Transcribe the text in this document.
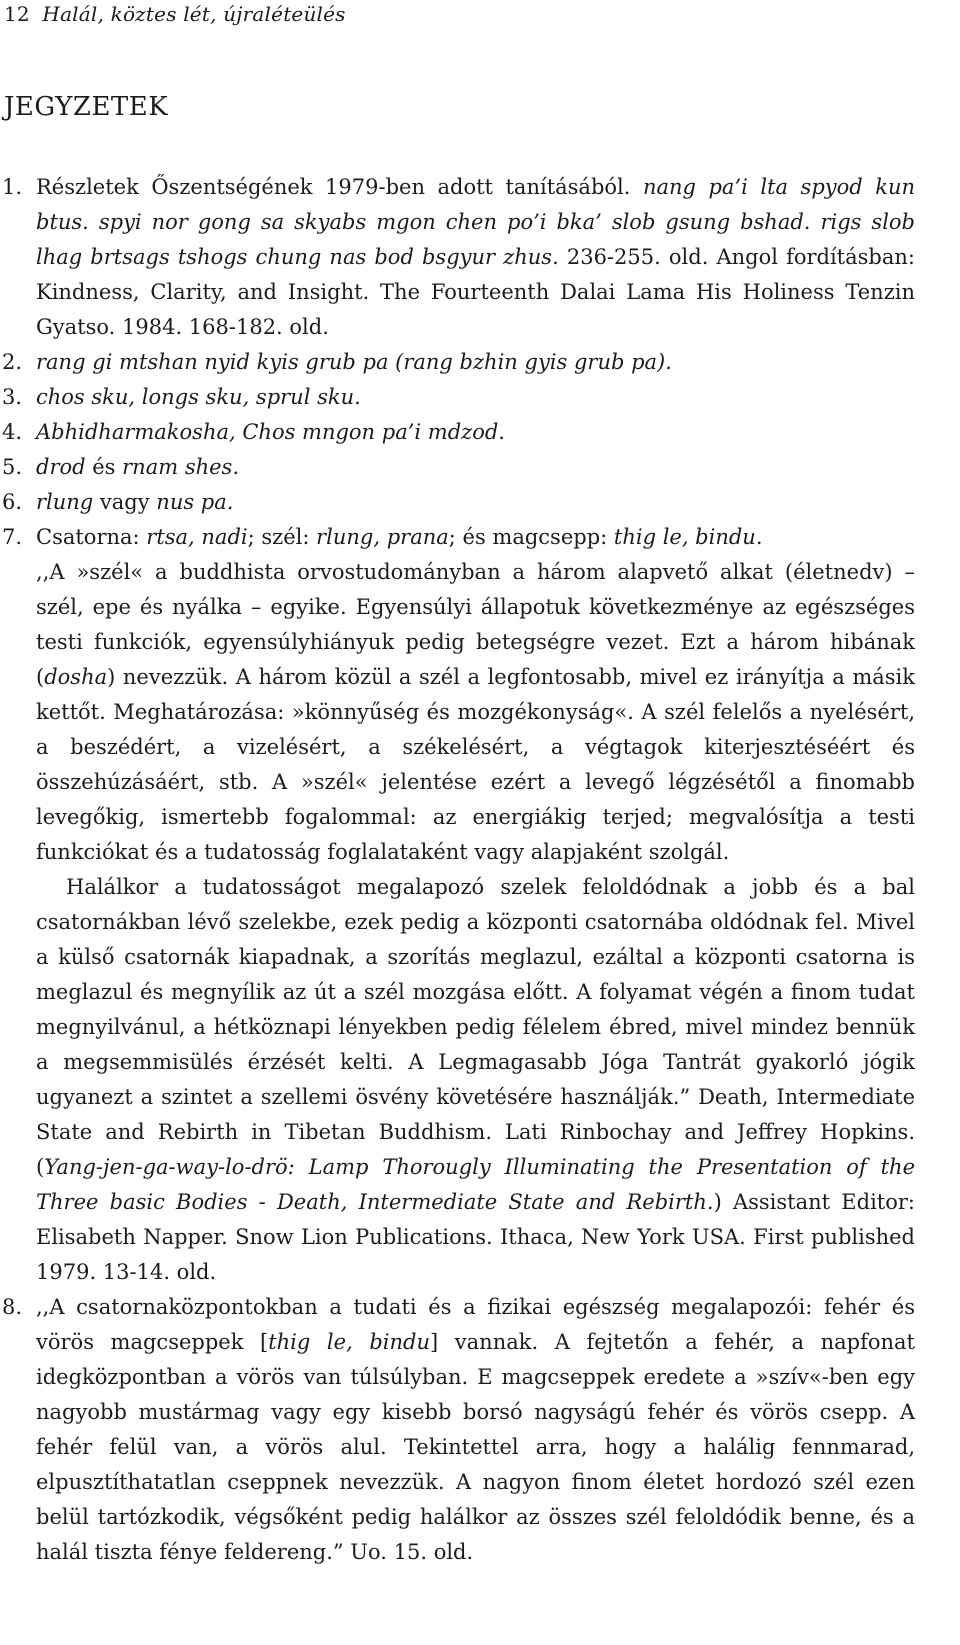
12 Halál, köztes lét, újraléteülés
JEGYZETEK
1. Részletek Őszentségének 1979-ben adott tanításából. nang pa’i lta spyod kun btus. spyi nor gong sa skyabs mgon chen po’i bka’ slob gsung bshad. rigs slob lhag brtsags tshogs chung nas bod bsgyur zhus. 236-255. old. Angol fordításban: Kindness, Clarity, and Insight. The Fourteenth Dalai Lama His Holiness Tenzin Gyatso. 1984. 168-182. old.

2. rang gi mtshan nyid kyis grub pa (rang bzhin gyis grub pa).

3. chos sku, longs sku, sprul sku.

4. Abhidharmakosha, Chos mngon pa’i mdzod.

5. drod és rnam shes.

6. rlung vagy nus pa.

7. Csatorna: rtsa, nadi; szél: rlung, prana; és magcsepp: thig le, bindu.

,,A »szél« a buddhista orvostudományban a három alapvető alkat (életnedv) – szél, epe és nyálka – egyike. Egyensúlyi állapotuk következménye az egészséges testi funkciók, egyensúlyhiányuk pedig betegségre vezet. Ezt a három hibának (dosha) nevezzük. A három közül a szél a legfontosabb, mivel ez irányítja a másik kettőt. Meghatározása: »könnyűség és mozgékonyság«. A szél felelős a nyelésért, a beszédért, a vizelésért, a székelésért, a végtagok kiterjesztéséért és összehúzásáért, stb. A »szél« jelentése ezért a levegő légzésétől a finomabb levegőkig, ismertebb fogalommal: az energiákig terjed; megvalósítja a testi funkciókat és a tudatosság foglalataként vagy alapjaként szolgál.

Halálkor a tudatosságot megalapozó szelek feloldódnak a jobb és a bal csatornákban lévő szelekbe, ezek pedig a központi csatornába oldódnak fel. Mivel a külső csatornák kiapadnak, a szorítás meglazul, ezáltal a központi csatorna is meglazul és megnyílik az út a szél mozgása előtt. A folyamat végén a finom tudat megnyilvánul, a hétköznapi lényekben pedig félelem ébred, mivel mindez bennük a megsemmisülés érzését kelti. A Legmagasabb Jóga Tantrát gyakorló jógik ugyanezt a szintet a szellemi ösvény követésére használják.” Death, Intermediate State and Rebirth in Tibetan Buddhism. Lati Rinbochay and Jeffrey Hopkins. (Yang-jen-ga-way-lo-drö: Lamp Thorougly Illuminating the Presentation of the Three basic Bodies - Death, Intermediate State and Rebirth.) Assistant Editor: Elisabeth Napper. Snow Lion Publications. Ithaca, New York USA. First published 1979. 13-14. old.

8. ,,A csatornaközpontokban a tudati és a fizikai egészség megalapozói: fehér és vörös magcseppek [thig le, bindu] vannak. A fejtetőn a fehér, a napfonat idegközpontban a vörös van túlsúlyban. E magcseppek eredete a »szív«-ben egy nagyobb mustármag vagy egy kisebb borsó nagyságú fehér és vörös csepp. A fehér felül van, a vörös alul. Tekintettel arra, hogy a halálig fennmarad, elpusztíthatatlan cseppnek nevezzük. A nagyon finom életet hordozó szél ezen belül tartózkodik, végsőként pedig halálkor az összes szél feloldódik benne, és a halál tiszta fénye feldereng.” Uo. 15. old.
